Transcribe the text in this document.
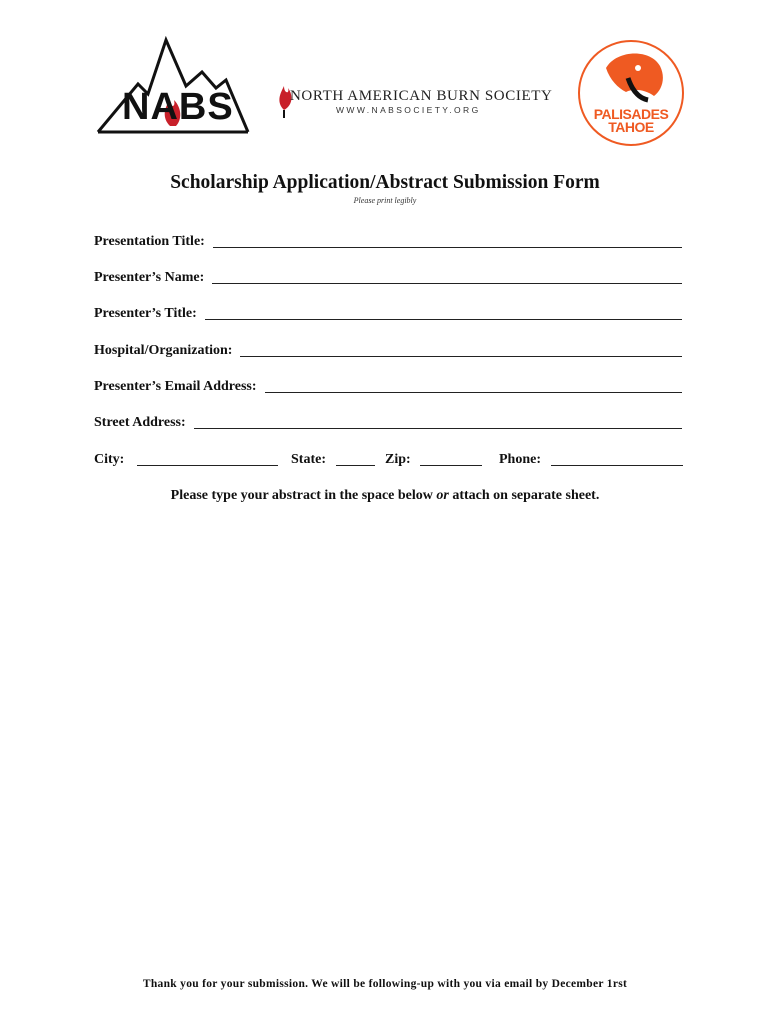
NABS	NORTH AMERICAN BURN SOCIETY
WWW.NABSOCIETY.ORG	PALISADES
TAHOE
Scholarship Application/Abstract Submission Form
Please print legibly
Presentation Title:
Presenter’s Name:
Presenter’s Title:
Hospital/Organization:
Presenter’s Email Address:
Street Address:
City:	State:	Zip:	Phone:
Please type your abstract in the space below or attach on separate sheet.
Thank you for your submission. We will be following-up with you via email by December 1rst
